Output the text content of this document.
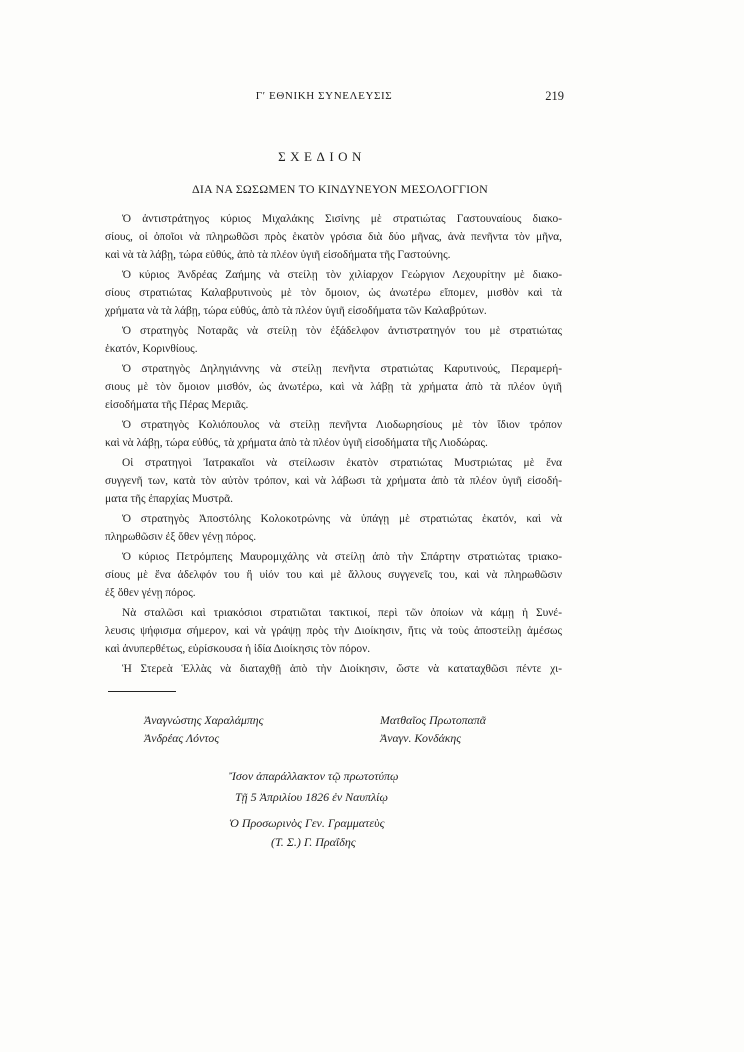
Γʹ ΕΘΝΙΚΗ ΣΥΝΕΛΕΥΣΙΣ	219
ΣΧΕΔΙΟΝ
ΔΙΑ ΝΑ ΣΩΣΩΜΕΝ ΤΟ ΚΙΝΔΥΝΕΥΟΝ ΜΕΣΟΛΟΓΓΙΟΝ
Ὁ ἀντιστράτηγος κύριος Μιχαλάκης Σισίνης μὲ στρατιώτας Γαστουναίους διακο-
σίους, οἱ ὁποῖοι νὰ πληρωθῶσι πρὸς ἑκατὸν γρόσια διὰ δύο μῆνας, ἀνὰ πενῆντα τὸν μῆνα,
καὶ νὰ τὰ λάβῃ, τώρα εὐθύς, ἀπὸ τὰ πλέον ὑγιῆ εἰσοδήματα τῆς Γαστούνης.
Ὁ κύριος Ἀνδρέας Ζαήμης νὰ στείλῃ τὸν χιλίαρχον Γεώργιον Λεχουρίτην μὲ διακο-
σίους στρατιώτας Καλαβρυτινοὺς μὲ τὸν ὅμοιον, ὡς ἀνωτέρω εἴπομεν, μισθὸν καὶ τὰ
χρήματα νὰ τὰ λάβῃ, τώρα εὐθύς, ἀπὸ τὰ πλέον ὑγιῆ εἰσοδήματα τῶν Καλαβρύτων.
Ὁ στρατηγὸς Νοταρᾶς νὰ στείλῃ τὸν ἐξάδελφον ἀντιστρατηγόν του μὲ στρατιώτας
ἑκατόν, Κορινθίους.
Ὁ στρατηγὸς Δηληγιάννης νὰ στείλῃ πενῆντα στρατιώτας Καρυτινούς, Περαμερή-
σιους μὲ τὸν ὅμοιον μισθόν, ὡς ἀνωτέρω, καὶ νὰ λάβῃ τὰ χρήματα ἀπὸ τὰ πλέον ὑγιῆ
εἰσοδήματα τῆς Πέρας Μεριᾶς.
Ὁ στρατηγὸς Κολιόπουλος νὰ στείλῃ πενῆντα Λιοδωρησίους μὲ τὸν ἴδιον τρόπον
καὶ νὰ λάβῃ, τώρα εὐθύς, τὰ χρήματα ἀπὸ τὰ πλέον ὑγιῆ εἰσοδήματα τῆς Λιοδώρας.
Οἱ στρατηγοὶ Ἰατρακαῖοι νὰ στείλωσιν ἑκατὸν στρατιώτας Μυστριώτας μὲ ἕνα
συγγενῆ των, κατὰ τὸν αὐτὸν τρόπον, καὶ νὰ λάβωσι τὰ χρήματα ἀπὸ τὰ πλέον ὑγιῆ εἰσοδή-
ματα τῆς ἐπαρχίας Μυστρᾶ.
Ὁ στρατηγὸς Ἀποστόλης Κολοκοτρώνης νὰ ὑπάγῃ μὲ στρατιώτας ἑκατόν, καὶ νὰ
πληρωθῶσιν ἐξ ὅθεν γένῃ πόρος.
Ὁ κύριος Πετρόμπεης Μαυρομιχάλης νὰ στείλῃ ἀπὸ τὴν Σπάρτην στρατιώτας τριακο-
σίους μὲ ἕνα ἀδελφόν του ἢ υἱόν του καὶ μὲ ἄλλους συγγενεῖς του, καὶ νὰ πληρωθῶσιν
ἐξ ὅθεν γένῃ πόρος.
Νὰ σταλῶσι καὶ τριακόσιοι στρατιῶται τακτικοί, περὶ τῶν ὁποίων νὰ κάμῃ ἡ Συνέ-
λευσις ψήφισμα σήμερον, καὶ νὰ γράψῃ πρὸς τὴν Διοίκησιν, ἥτις νὰ τοὺς ἀποστείλῃ ἀμέσως
καὶ ἀνυπερθέτως, εὑρίσκουσα ἡ ἰδία Διοίκησις τὸν πόρον.
Ἡ Στερεὰ Ἑλλὰς νὰ διαταχθῇ ἀπὸ τὴν Διοίκησιν, ὥστε νὰ καταταχθῶσι πέντε χι-
Ἀναγνώστης Χαραλάμπης
Ἀνδρέας Λόντος
Ματθαῖος Πρωτοπαπᾶ
Ἀναγν. Κονδάκης
Ἴσον ἀπαράλλακτον τῷ πρωτοτύπῳ
Τῇ 5 Ἀπριλίου 1826 ἐν Ναυπλίῳ
Ὁ Προσωρινὸς Γεν. Γραμματεὺς
(Τ. Σ.) Γ. Πραΐδης
